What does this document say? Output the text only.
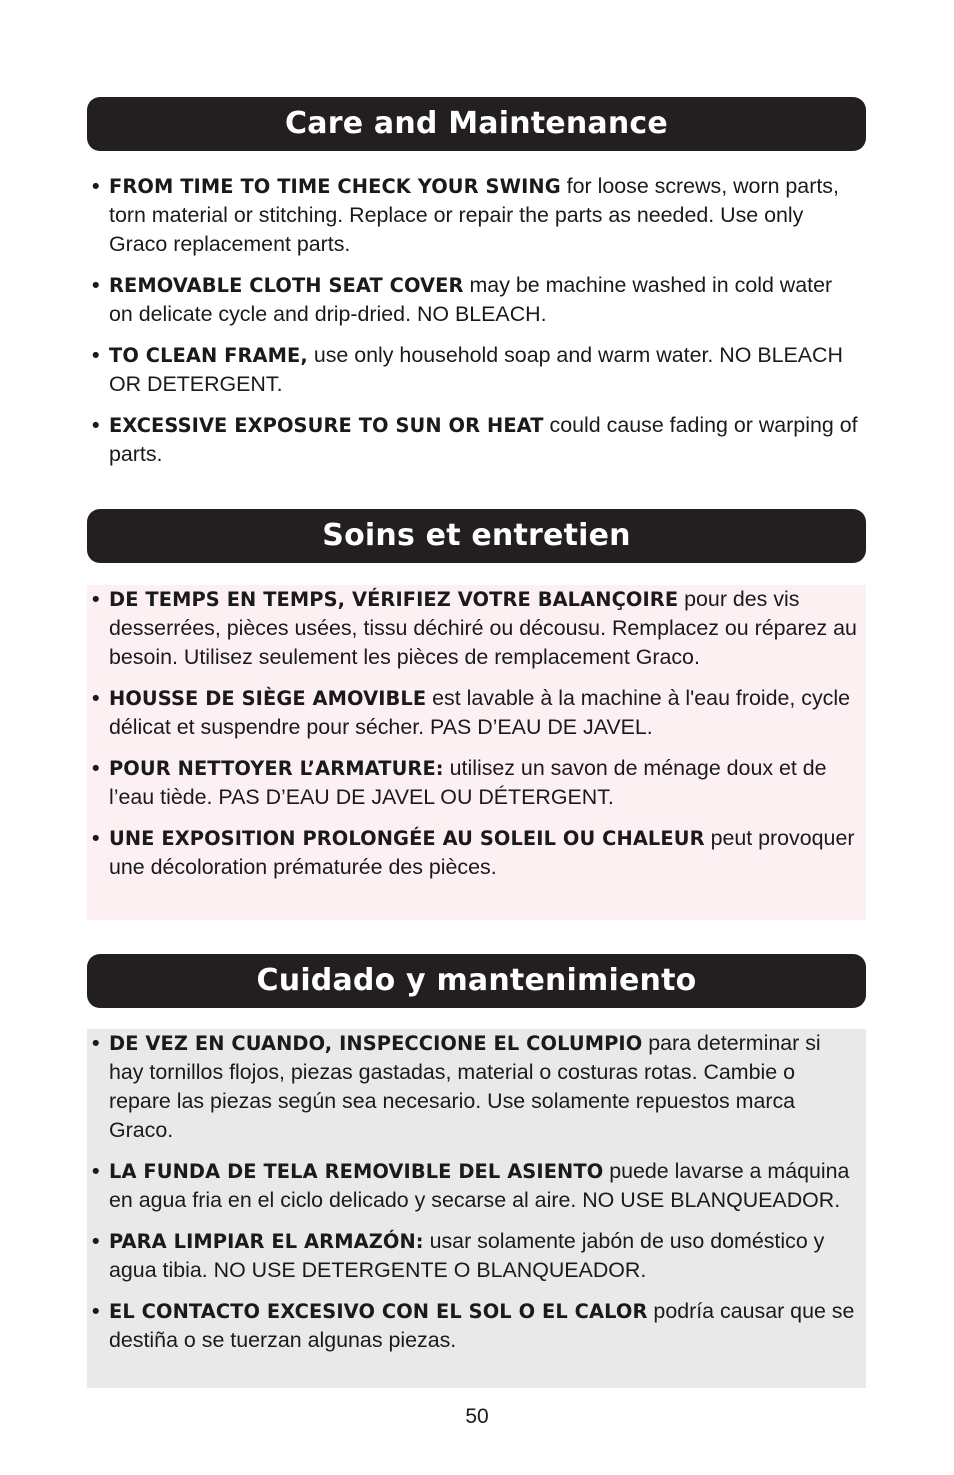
Care and Maintenance
• FROM TIME TO TIME CHECK YOUR SWING for loose screws, worn parts, torn material or stitching. Replace or repair the parts as needed. Use only Graco replacement parts.
• REMOVABLE CLOTH SEAT COVER may be machine washed in cold water on delicate cycle and drip-dried. NO BLEACH.
• TO CLEAN FRAME, use only household soap and warm water. NO BLEACH OR DETERGENT.
• EXCESSIVE EXPOSURE TO SUN OR HEAT could cause fading or warping of parts.
Soins et entretien
• DE TEMPS EN TEMPS, VÉRIFIEZ VOTRE BALANÇOIRE pour des vis desserrées, pièces usées, tissu déchiré ou décousu. Remplacez ou réparez au besoin. Utilisez seulement les pièces de remplacement Graco.
• HOUSSE DE SIÈGE AMOVIBLE est lavable à la machine à l'eau froide, cycle délicat et suspendre pour sécher. PAS D’EAU DE JAVEL.
• POUR NETTOYER L’ARMATURE: utilisez un savon de ménage doux et de l’eau tiède. PAS D’EAU DE JAVEL OU DÉTERGENT.
• UNE EXPOSITION PROLONGÉE AU SOLEIL OU CHALEUR peut provoquer une décoloration prématurée des pièces.
Cuidado y mantenimiento
• DE VEZ EN CUANDO, INSPECCIONE EL COLUMPIO para determinar si hay tornillos flojos, piezas gastadas, material o costuras rotas. Cambie o repare las piezas según sea necesario. Use solamente repuestos marca Graco.
• LA FUNDA DE TELA REMOVIBLE DEL ASIENTO puede lavarse a máquina en agua fria en el ciclo delicado y secarse al aire. NO USE BLANQUEADOR.
• PARA LIMPIAR EL ARMAZÓN: usar solamente jabón de uso doméstico y agua tibia. NO USE DETERGENTE O BLANQUEADOR.
• EL CONTACTO EXCESIVO CON EL SOL O EL CALOR podría causar que se destiña o se tuerzan algunas piezas.
50
